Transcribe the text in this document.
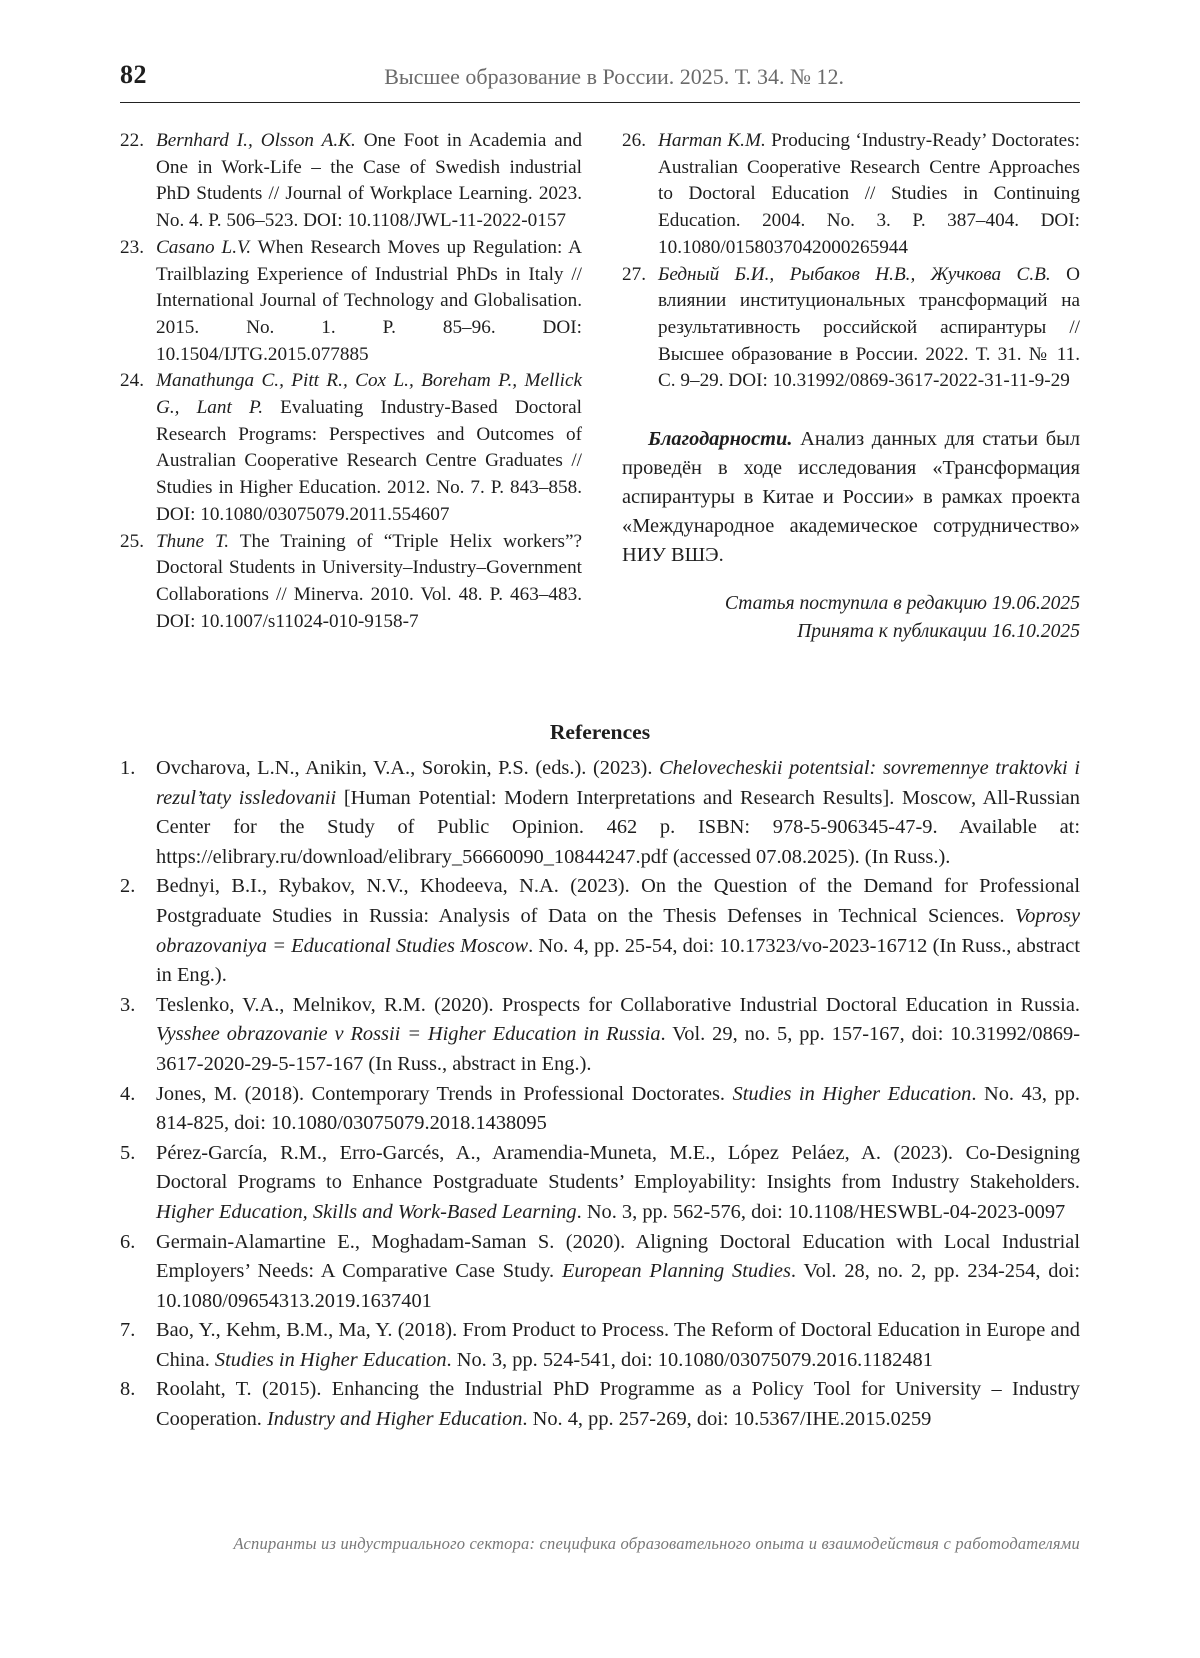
82	Высшее образование в России. 2025. Т. 34. № 12.
22. Bernhard I., Olsson A.K. One Foot in Academia and One in Work-Life – the Case of Swedish industrial PhD Students // Journal of Workplace Learning. 2023. No. 4. P. 506–523. DOI: 10.1108/JWL-11-2022-0157
23. Casano L.V. When Research Moves up Regulation: A Trailblazing Experience of Industrial PhDs in Italy // International Journal of Technology and Globalisation. 2015. No. 1. P. 85–96. DOI: 10.1504/IJTG.2015.077885
24. Manathunga C., Pitt R., Cox L., Boreham P., Mellick G., Lant P. Evaluating Industry-Based Doctoral Research Programs: Perspectives and Outcomes of Australian Cooperative Research Centre Graduates // Studies in Higher Education. 2012. No. 7. P. 843–858. DOI: 10.1080/03075079.2011.554607
25. Thune T. The Training of “Triple Helix workers”? Doctoral Students in University–Industry–Government Collaborations // Minerva. 2010. Vol. 48. P. 463–483. DOI: 10.1007/s11024-010-9158-7
26. Harman K.M. Producing ‘Industry-Ready’ Doctorates: Australian Cooperative Research Centre Approaches to Doctoral Education // Studies in Continuing Education. 2004. No. 3. P. 387–404. DOI: 10.1080/0158037042000265944
27. Бедный Б.И., Рыбаков Н.В., Жучкова С.В. О влиянии институциональных трансформаций на результативность российской аспирантуры // Высшее образование в России. 2022. Т. 31. № 11. С. 9–29. DOI: 10.31992/0869-3617-2022-31-11-9-29

Благодарности. Анализ данных для статьи был проведён в ходе исследования «Трансформация аспирантуры в Китае и России» в рамках проекта «Международное академическое сотрудничество» НИУ ВШЭ.

Статья поступила в редакцию 19.06.2025
Принята к публикации 16.10.2025
References
1.	Ovcharova, L.N., Anikin, V.A., Sorokin, P.S. (eds.). (2023). Chelovecheskii potentsial: sovremennye traktovki i rezul’taty issledovanii [Human Potential: Modern Interpretations and Research Results]. Moscow, All-Russian Center for the Study of Public Opinion. 462 p. ISBN: 978-5-906345-47-9. Available at: https://elibrary.ru/download/elibrary_56660090_10844247.pdf (accessed 07.08.2025). (In Russ.).
2.	Bednyi, B.I., Rybakov, N.V., Khodeeva, N.A. (2023). On the Question of the Demand for Professional Postgraduate Studies in Russia: Analysis of Data on the Thesis Defenses in Technical Sciences. Voprosy obrazovaniya = Educational Studies Moscow. No. 4, pp. 25-54, doi: 10.17323/vo-2023-16712 (In Russ., abstract in Eng.).
3.	Teslenko, V.A., Melnikov, R.M. (2020). Prospects for Collaborative Industrial Doctoral Education in Russia. Vysshee obrazovanie v Rossii = Higher Education in Russia. Vol. 29, no. 5, pp. 157-167, doi: 10.31992/0869-3617-2020-29-5-157-167 (In Russ., abstract in Eng.).
4.	Jones, M. (2018). Contemporary Trends in Professional Doctorates. Studies in Higher Education. No. 43, pp. 814-825, doi: 10.1080/03075079.2018.1438095
5.	Pérez-García, R.M., Erro-Garcés, A., Aramendia-Muneta, M.E., López Peláez, A. (2023). Co-Designing Doctoral Programs to Enhance Postgraduate Students’ Employability: Insights from Industry Stakeholders. Higher Education, Skills and Work-Based Learning. No. 3, pp. 562-576, doi: 10.1108/HESWBL-04-2023-0097
6.	Germain-Alamartine E., Moghadam-Saman S. (2020). Aligning Doctoral Education with Local Industrial Employers’ Needs: A Comparative Case Study. European Planning Studies. Vol. 28, no. 2, pp. 234-254, doi: 10.1080/09654313.2019.1637401
7.	Bao, Y., Kehm, B.M., Ma, Y. (2018). From Product to Process. The Reform of Doctoral Education in Europe and China. Studies in Higher Education. No. 3, pp. 524-541, doi: 10.1080/03075079.2016.1182481
8.	Roolaht, T. (2015). Enhancing the Industrial PhD Programme as a Policy Tool for University – Industry Cooperation. Industry and Higher Education. No. 4, pp. 257-269, doi: 10.5367/IHE.2015.0259
Аспиранты из индустриального сектора: специфика образовательного опыта и взаимодействия с работодателями
